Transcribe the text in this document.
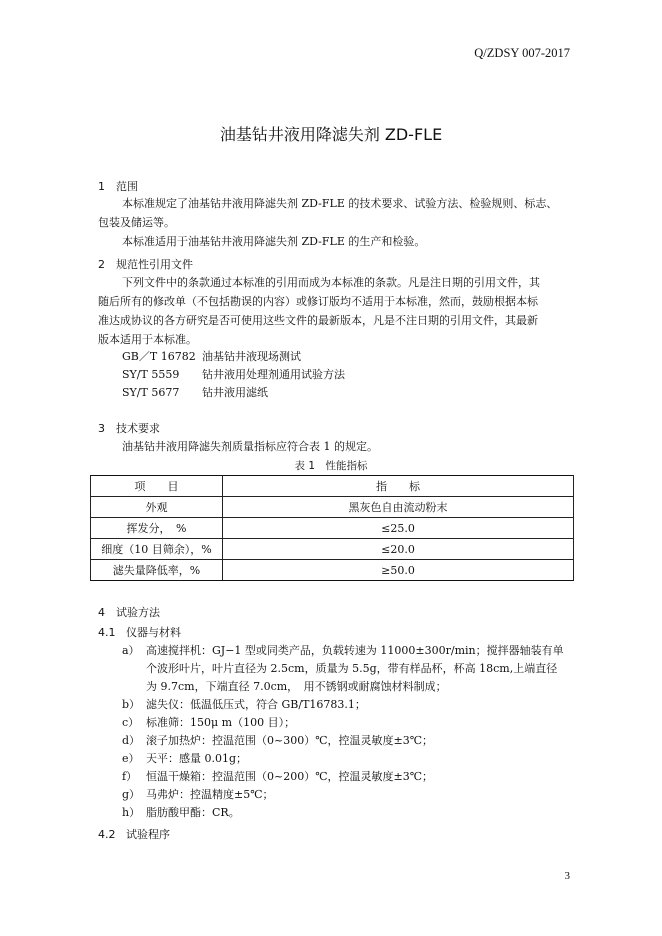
Q/ZDSY 007-2017
油基钻井液用降滤失剂 ZD-FLE
1 范围
本标准规定了油基钻井液用降滤失剂 ZD-FLE 的技术要求、试验方法、检验规则、标志、
包装及储运等。
本标准适用于油基钻井液用降滤失剂 ZD-FLE 的生产和检验。
2 规范性引用文件
下列文件中的条款通过本标准的引用而成为本标准的条款。凡是注日期的引用文件，其
随后所有的修改单（不包括勘误的内容）或修订版均不适用于本标准，然而，鼓励根据本标
准达成协议的各方研究是否可使用这些文件的最新版本，凡是不注日期的引用文件，其最新
版本适用于本标准。
GB／T 16782 油基钻井液现场测试
SY/T 5559 钻井液用处理剂通用试验方法
SY/T 5677 钻井液用滤纸
3 技术要求
油基钻井液用降滤失剂质量指标应符合表 1 的规定。
表 1　性能指标
项　　目	指　　标
外观	黑灰色自由流动粉末
挥发分，　%	≤25.0
细度（10 目筛余），%	≤20.0
滤失量降低率，%	≥50.0
4 试验方法
4.1 仪器与材料
a） 高速搅拌机：GJ−1 型或同类产品，负载转速为 11000±300r/min；搅拌器轴装有单
个波形叶片，叶片直径为 2.5cm，质量为 5.5g，带有样品杯，杯高 18cm,上端直径
为 9.7cm，下端直径 7.0cm，　用不锈钢或耐腐蚀材料制成；
b） 滤失仪：低温低压式，符合 GB/T16783.1；
c） 标准筛：150μ m（100 目）；
d） 滚子加热炉：控温范围（0~300）℃，控温灵敏度±3℃；
e） 天平：感量 0.01g；
f） 恒温干燥箱：控温范围（0~200）℃，控温灵敏度±3℃；
g） 马弗炉：控温精度±5℃；
h） 脂肪酸甲酯：CR。
4.2 试验程序
3
